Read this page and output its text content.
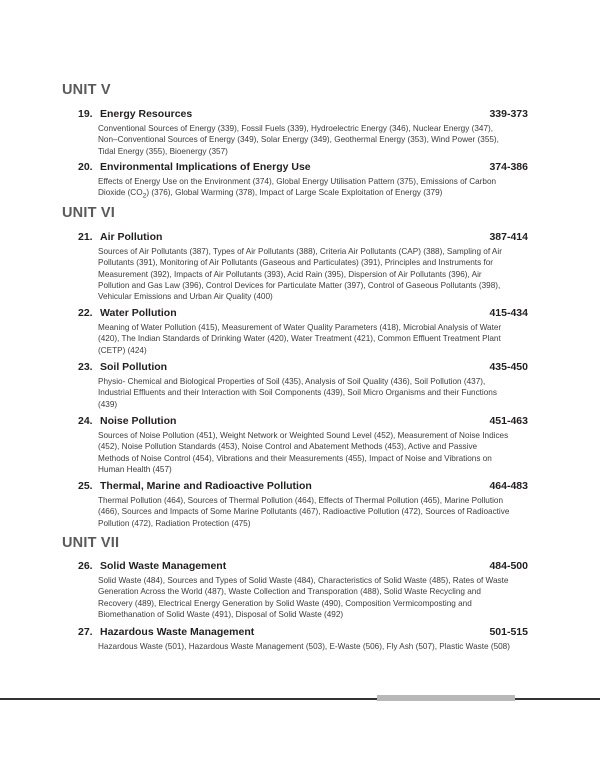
UNIT V
19. Energy Resources	339-373
Conventional Sources of Energy (339), Fossil Fuels (339), Hydroelectric Energy (346), Nuclear Energy (347), Non–Conventional Sources of Energy (349), Solar Energy (349), Geothermal Energy (353), Wind Power (355), Tidal Energy (355), Bioenergy (357)
20. Environmental Implications of Energy Use	374-386
Effects of Energy Use on the Environment (374), Global Energy Utilisation Pattern (375), Emissions of Carbon Dioxide $(CO_2)$ (376), Global Warming (378), Impact of Large Scale Exploitation of Energy (379)
UNIT VI
21. Air Pollution	387-414
Sources of Air Pollutants (387), Types of Air Pollutants (388), Criteria Air Pollutants (CAP) (388), Sampling of Air Pollutants (391), Monitoring of Air Pollutants (Gaseous and Particulates) (391), Principles and Instruments for Measurement (392), Impacts of Air Pollutants (393), Acid Rain (395), Dispersion of Air Pollutants (396), Air Pollution and Gas Law (396), Control Devices for Particulate Matter (397), Control of Gaseous Pollutants (398), Vehicular Emissions and Urban Air Quality (400)
22. Water Pollution	415-434
Meaning of Water Pollution (415), Measurement of Water Quality Parameters (418), Microbial Analysis of Water (420), The Indian Standards of Drinking Water (420), Water Treatment (421), Common Effluent Treatment Plant (CETP) (424)
23. Soil Pollution	435-450
Physio- Chemical and Biological Properties of Soil (435), Analysis of Soil Quality (436), Soil Pollution (437), Industrial Effluents and their Interaction with Soil Components (439), Soil Micro Organisms and their Functions (439)
24. Noise Pollution	451-463
Sources of Noise Pollution (451), Weight Network or Weighted Sound Level (452), Measurement of Noise Indices (452), Noise Pollution Standards (453), Noise Control and Abatement Methods (453), Active and Passive Methods of Noise Control (454), Vibrations and their Measurements (455), Impact of Noise and Vibrations on Human Health (457)
25. Thermal, Marine and Radioactive Pollution	464-483
Thermal Pollution (464), Sources of Thermal Pollution (464), Effects of Thermal Pollution (465), Marine Pollution (466), Sources and Impacts of Some Marine Pollutants (467), Radioactive Pollution (472), Sources of Radioactive Pollution (472), Radiation Protection (475)
UNIT VII
26. Solid Waste Management	484-500
Solid Waste (484), Sources and Types of Solid Waste (484), Characteristics of Solid Waste (485), Rates of Waste Generation Across the World (487), Waste Collection and Transporation (488), Solid Waste Recycling and Recovery (489), Electrical Energy Generation by Solid Waste (490), Composition Vermicomposting and Biomethanation of Solid Waste (491), Disposal of Solid Waste (492)
27. Hazardous Waste Management	501-515
Hazardous Waste (501), Hazardous Waste Management (503), E-Waste (506), Fly Ash (507), Plastic Waste (508)
